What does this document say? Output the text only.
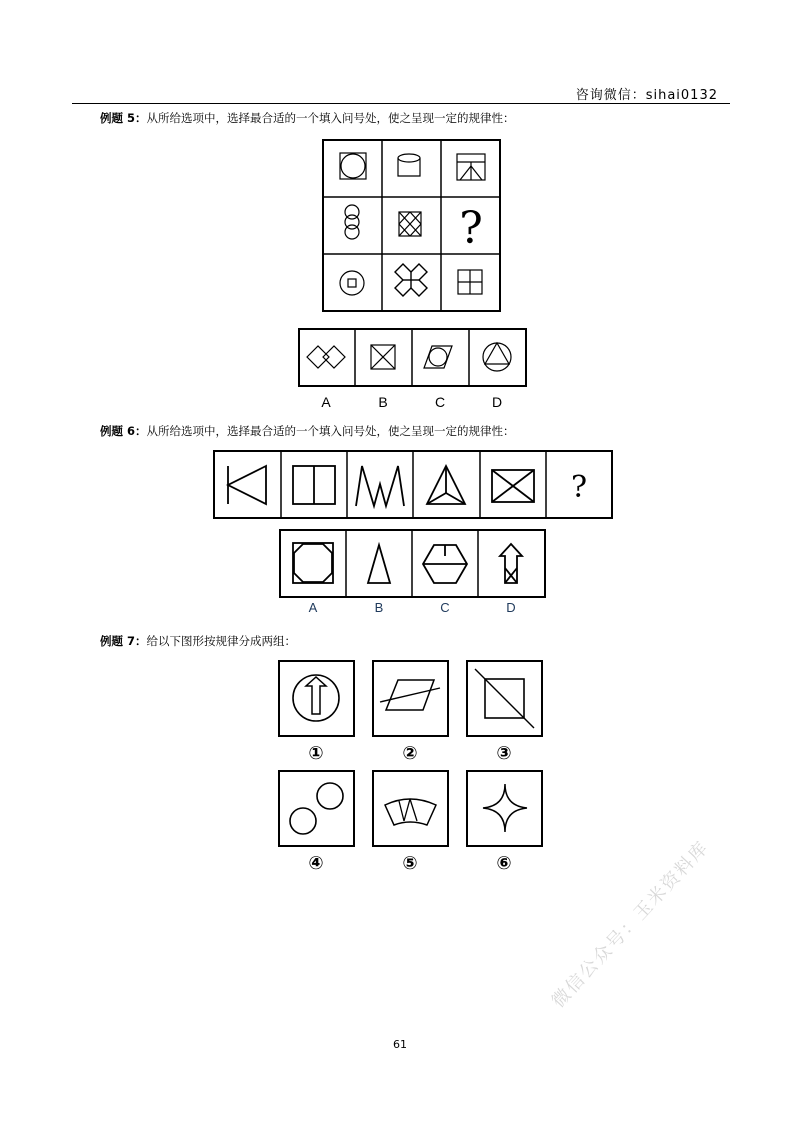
咨询微信：sihai0132
例题 5：从所给选项中，选择最合适的一个填入问号处，使之呈现一定的规律性：
例题 6：从所给选项中，选择最合适的一个填入问号处，使之呈现一定的规律性：
例题 7：给以下图形按规律分成两组：
?
A	B	C	D
?
A	B	C	D
①	②	③
④	⑤	⑥
61
微信公众号：玉米资料库
